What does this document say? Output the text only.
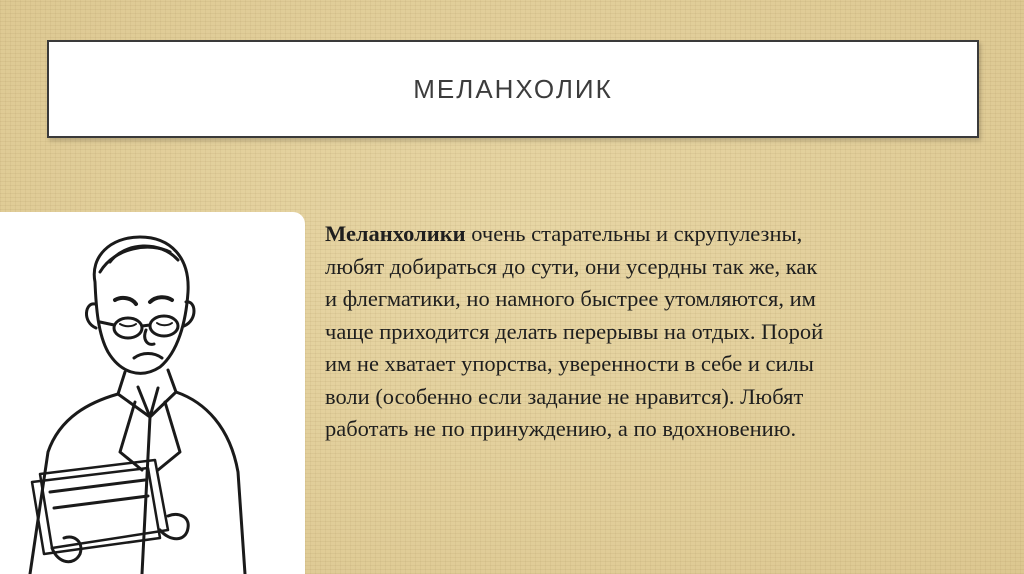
МЕЛАНХОЛИК
Меланхолики очень старательны и скрупулезны,
любят добираться до сути, они усердны так же, как
и флегматики, но намного быстрее утомляются, им
чаще приходится делать перерывы на отдых. Порой
им не хватает упорства, уверенности в себе и силы
воли (особенно если задание не нравится). Любят
работать не по принуждению, а по вдохновению.
